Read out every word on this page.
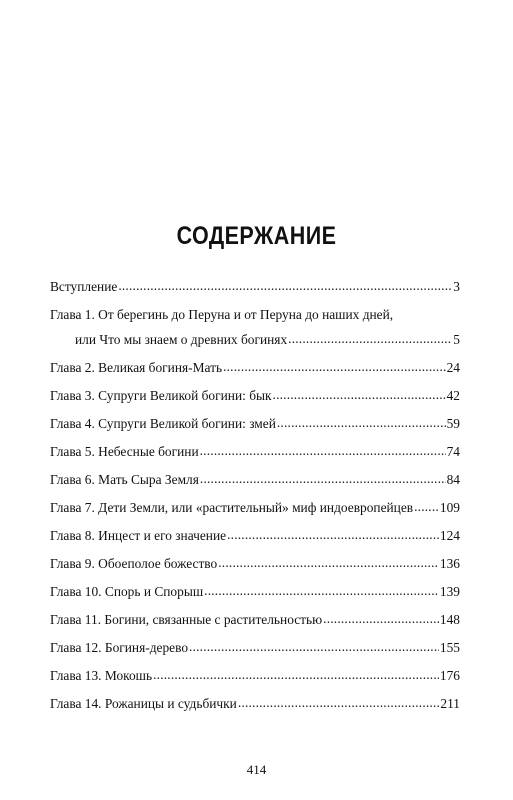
СОДЕРЖАНИЕ
Вступление .....	3
Глава 1. От берегинь до Перуна и от Перуна до наших дней,
или Что мы знаем о древних богинях .....	5
Глава 2. Великая богиня-Мать .....	24
Глава 3. Супруги Великой богини: бык .....	42
Глава 4. Супруги Великой богини: змей .....	59
Глава 5. Небесные богини .....	74
Глава 6. Мать Сыра Земля .....	84
Глава 7. Дети Земли, или «растительный» миф индоевропейцев ..... 109
Глава 8. Инцест и его значение .....	124
Глава 9. Обоеполое божество .....	136
Глава 10. Спорь и Спорыш .....	139
Глава 11. Богини, связанные с растительностью .....	148
Глава 12. Богиня-дерево .....	155
Глава 13. Мокошь .....	176
Глава 14. Рожаницы и судьбички .....	211
414
